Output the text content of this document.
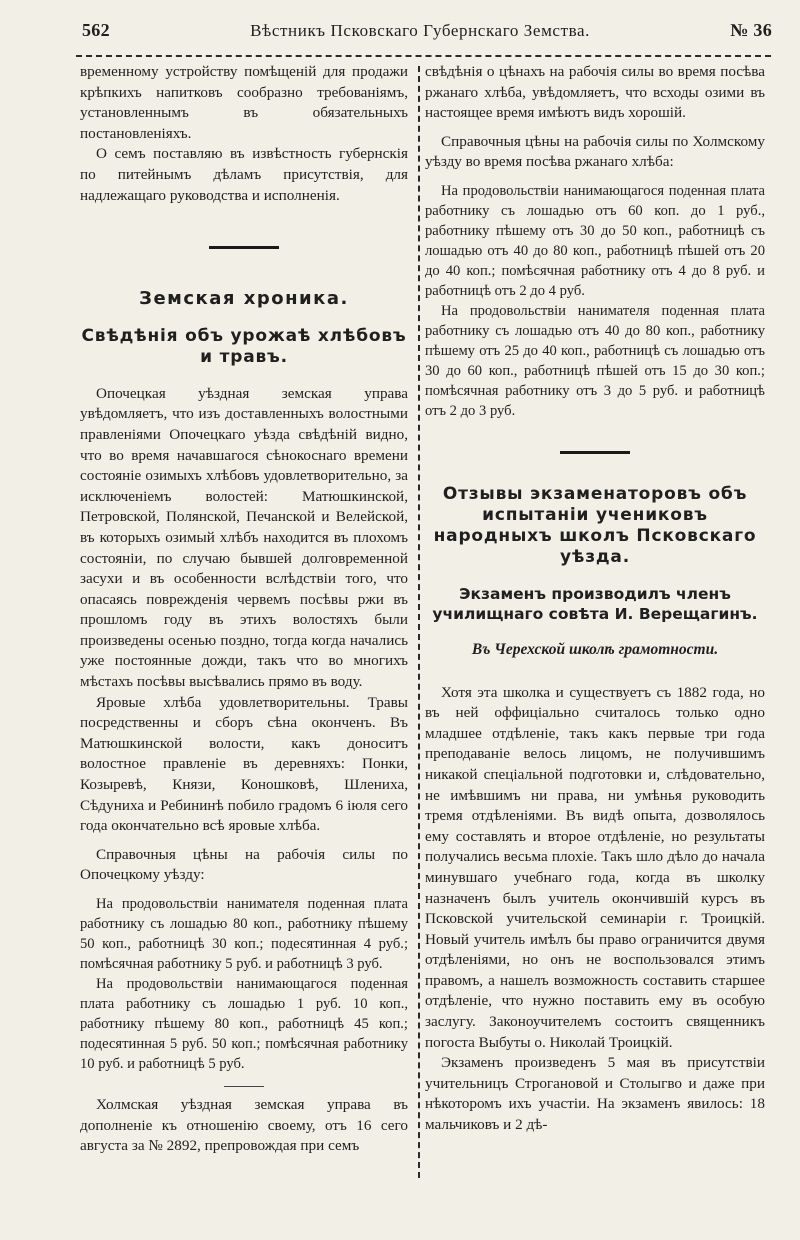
562	Вѣстникъ Псковскаго Губернскаго Земства.	№ 36

временному устройству помѣщеній для продажи крѣпкихъ напитковъ сообразно требованіямъ, установленнымъ въ обязательныхъ постановленіяхъ.

О семъ поставляю въ извѣстность губернскія по питейнымъ дѣламъ присутствія, для надлежащаго руководства и исполненія.

Земская хроника.
Свѣдѣнія объ урожаѣ хлѣбовъ и травъ.

Опочецкая уѣздная земская управа увѣдомляетъ, что изъ доставленныхъ волостными правленіями Опочецкаго уѣзда свѣдѣній видно, что во время начавшагося сѣнокоснаго времени состояніе озимыхъ хлѣбовъ удовлетворительно, за исключеніемъ волостей: Матюшкинской, Петровской, Полянской, Печанской и Велейской, въ которыхъ озимый хлѣбъ находится въ плохомъ состояніи, по случаю бывшей долговременной засухи и въ особенности вслѣдствіи того, что опасаясь поврежденія червемъ посѣвы ржи въ прошломъ году въ этихъ волостяхъ были произведены осенью поздно, тогда когда начались уже постоянные дожди, такъ что во многихъ мѣстахъ посѣвы высѣвались прямо въ воду.

Яровые хлѣба удовлетворительны. Травы посредственны и сборъ сѣна оконченъ. Въ Матюшкинской волости, какъ доноситъ волостное правленіе въ деревняхъ: Понки, Козыревѣ, Князи, Коношковѣ, Шлениха, Сѣдуниха и Ребининѣ побило градомъ 6 іюля сего года окончательно всѣ яровые хлѣба.

Справочныя цѣны на рабочія силы по Опочецкому уѣзду:

На продовольствіи нанимателя поденная плата работнику съ лошадью 80 коп., работнику пѣшему 50 коп., работницѣ 30 коп.; подесятинная 4 руб.; помѣсячная работнику 5 руб. и работницѣ 3 руб.

На продовольствіи нанимающагося поденная плата работнику съ лошадью 1 руб. 10 коп., работнику пѣшему 80 коп., работницѣ 45 коп.; подесятинная 5 руб. 50 коп.; помѣсячная работнику 10 руб. и работницѣ 5 руб.

Холмская уѣздная земская управа въ дополненіе къ отношенію своему, отъ 16 сего августа за № 2892, препровождая при семъ

свѣдѣнія о цѣнахъ на рабочія силы во время посѣва ржанаго хлѣба, увѣдомляетъ, что всходы озими въ настоящее время имѣютъ видъ хорошій.

Справочныя цѣны на рабочія силы по Холмскому уѣзду во время посѣва ржанаго хлѣба:

На продовольствіи нанимающагося поденная плата работнику съ лошадью отъ 60 коп. до 1 руб., работнику пѣшему отъ 30 до 50 коп., работницѣ съ лошадью отъ 40 до 80 коп., работницѣ пѣшей отъ 20 до 40 коп.; помѣсячная работнику отъ 4 до 8 руб. и работницѣ отъ 2 до 4 руб.

На продовольствіи нанимателя поденная плата работнику съ лошадью отъ 40 до 80 коп., работнику пѣшему отъ 25 до 40 коп., работницѣ съ лошадью отъ 30 до 60 коп., работницѣ пѣшей отъ 15 до 30 коп.; помѣсячная работнику отъ 3 до 5 руб. и работницѣ отъ 2 до 3 руб.

Отзывы экзаменаторовъ объ испытаніи учениковъ народныхъ школъ Псковскаго уѣзда.
Экзаменъ производилъ членъ училищнаго совѣта И. Верещагинъ.
Въ Черехской школѣ грамотности.

Хотя эта школка и существуетъ съ 1882 года, но въ ней оффиціально считалось только одно младшее отдѣленіе, такъ какъ первые три года преподаваніе велось лицомъ, не получившимъ никакой спеціальной подготовки и, слѣдовательно, не имѣвшимъ ни права, ни умѣнья руководить тремя отдѣленіями. Въ видѣ опыта, дозволялось ему составлять и второе отдѣленіе, но результаты получались весьма плохіе. Такъ шло дѣло до начала минувшаго учебнаго года, когда въ школку назначенъ былъ учитель окончившій курсъ въ Псковской учительской семинаріи г. Троицкій. Новый учитель имѣлъ бы право ограничится двумя отдѣленіями, но онъ не воспользовался этимъ правомъ, а нашелъ возможность составить старшее отдѣленіе, что нужно поставить ему въ особую заслугу. Законоучителемъ состоитъ священникъ погоста Выбуты о. Николай Троицкій.

Экзаменъ произведенъ 5 мая въ присутствіи учительницъ Строгановой и Столыгво и даже при нѣкоторомъ ихъ участіи. На экзаменъ явилось: 18 мальчиковъ и 2 дѣ-
